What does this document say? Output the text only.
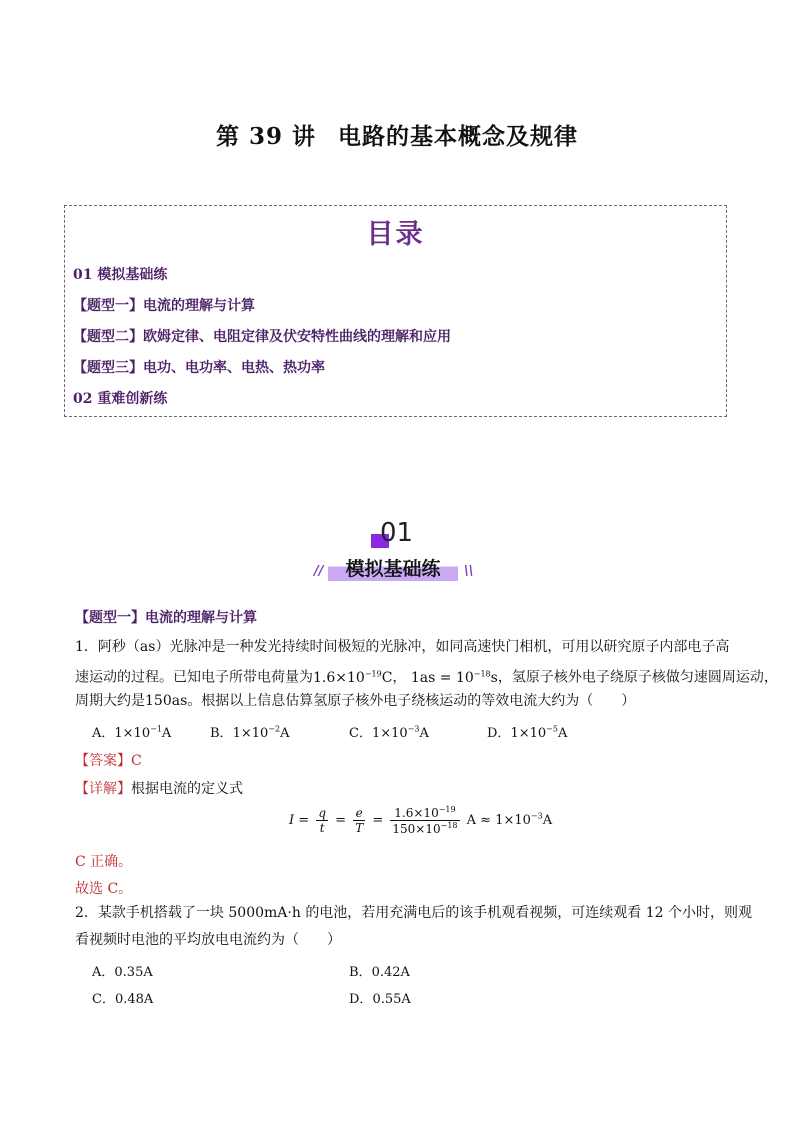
第 39 讲 电路的基本概念及规律
目录
01 模拟基础练
【题型一】电流的理解与计算
【题型二】欧姆定律、电阻定律及伏安特性曲线的理解和应用
【题型三】电功、电功率、电热、热功率
02 重难创新练
01
//	模拟基础练	\\
【题型一】电流的理解与计算
1．阿秒（as）光脉冲是一种发光持续时间极短的光脉冲，如同高速快门相机，可用以研究原子内部电子高
速运动的过程。已知电子所带电荷量为$1.6\times 10^{-19}C$， $1as = 10^{-18}s$，氢原子核外电子绕原子核做匀速圆周运动，
周期大约是150as。根据以上信息估算氢原子核外电子绕核运动的等效电流大约为（　　）
A．$1\times 10^{-1}A$	B．$1\times 10^{-2}A$	C．$1\times 10^{-3}A$	D．$1\times 10^{-5}A$
【答案】C
【详解】根据电流的定义式
$I = \frac{q}{t} = \frac{e}{T} = \frac{1.6\times 10^{-19}}{150\times 10^{-18}}$ $A \approx 1\times 10^{-3}A$
C 正确。
故选 C。
2．某款手机搭载了一块 5000mA·h 的电池，若用充满电后的该手机观看视频，可连续观看 12 个小时，则观
看视频时电池的平均放电电流约为（　　）
A．0.35A	B．0.42A
C．0.48A	D．0.55A
